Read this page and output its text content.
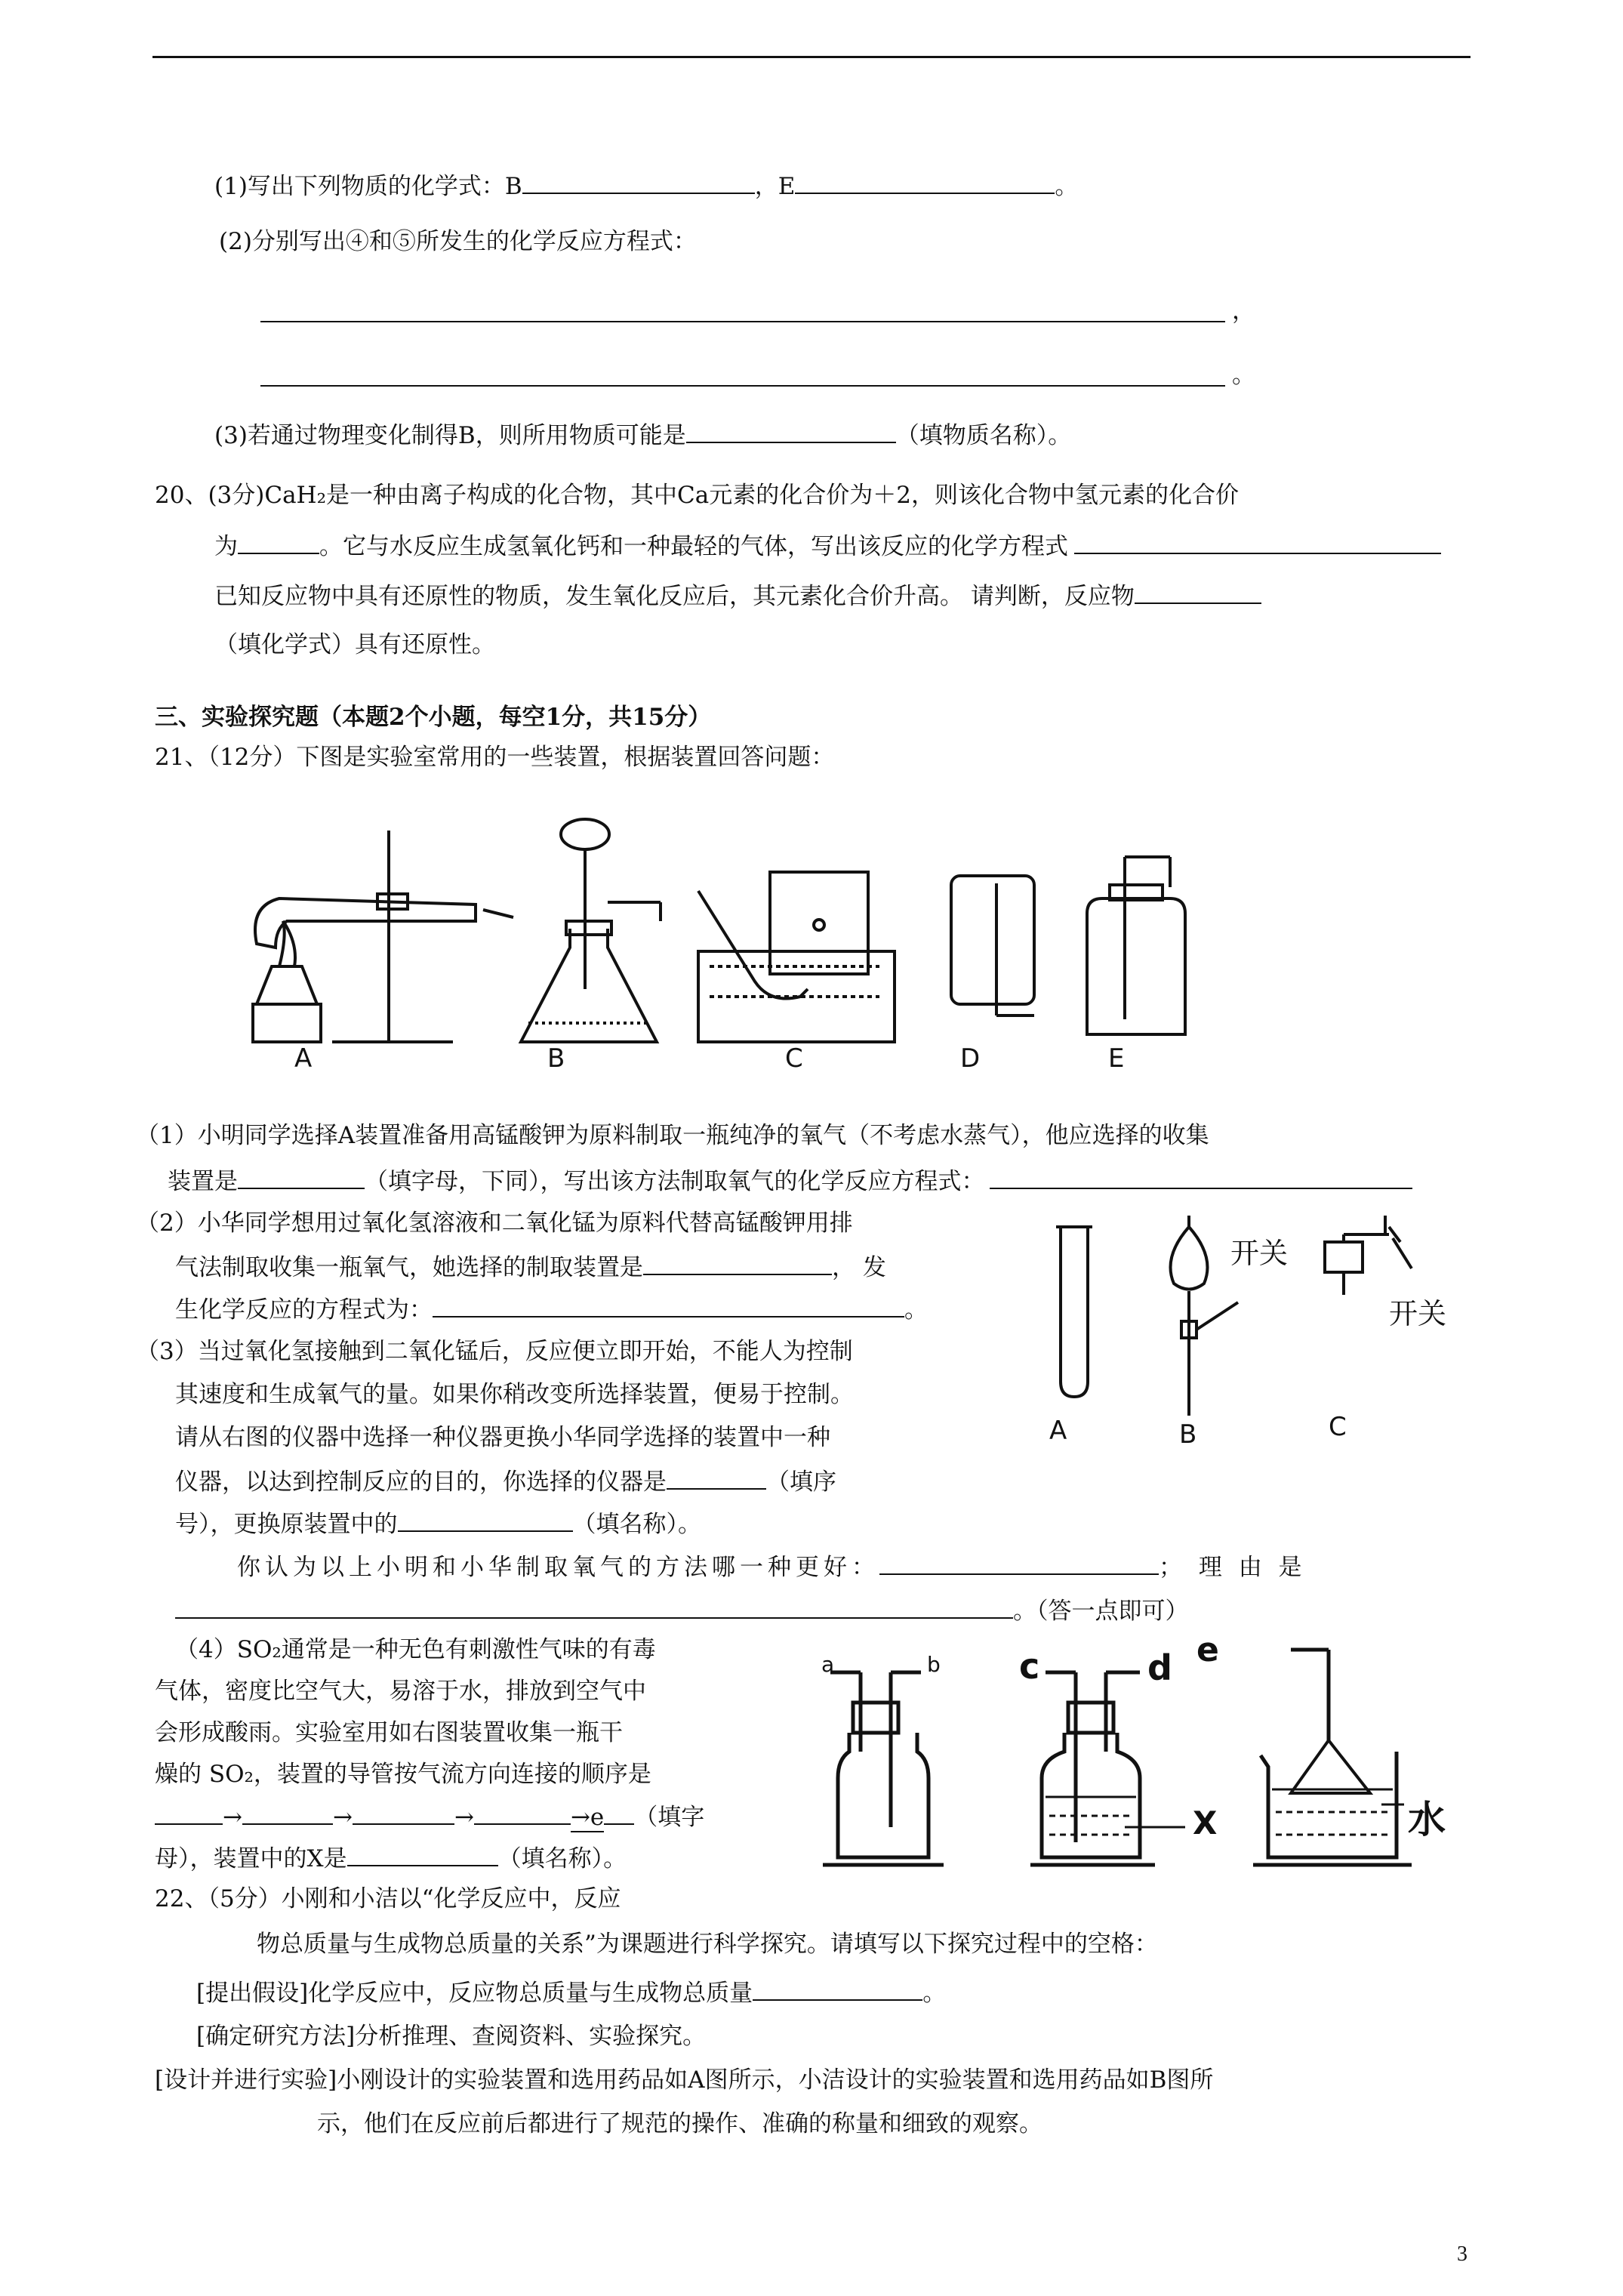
(1)写出下列物质的化学式：B	，E	。
(2)分别写出④和⑤所发生的化学反应方程式：
，
。
(3)若通过物理变化制得B，则所用物质可能是	（填物质名称）。
20、(3分)CaH₂是一种由离子构成的化合物，其中Ca元素的化合价为＋2，则该化合物中氢元素的化合价
为	。它与水反应生成氢氧化钙和一种最轻的气体，写出该反应的化学方程式
已知反应物中具有还原性的物质，发生氧化反应后，其元素化合价升高。 请判断，反应物
（填化学式）具有还原性。
三、实验探究题（本题2个小题，每空1分，共15分）
21、（12分）下图是实验室常用的一些装置，根据装置回答问题：
A	B	C	D	E
（1）小明同学选择A装置准备用高锰酸钾为原料制取一瓶纯净的氧气（不考虑水蒸气），他应选择的收集
装置是	（填字母，下同），写出该方法制取氧气的化学反应方程式：
（2）小华同学想用过氧化氢溶液和二氧化锰为原料代替高锰酸钾用排
气法制取收集一瓶氧气，她选择的制取装置是	， 发
生化学反应的方程式为：	。
（3）当过氧化氢接触到二氧化锰后，反应便立即开始，不能人为控制
其速度和生成氧气的量。如果你稍改变所选择装置，便易于控制。
请从右图的仪器中选择一种仪器更换小华同学选择的装置中一种
仪器，以达到控制反应的目的，你选择的仪器是	（填序
号），更换原装置中的	（填名称）。
你认为以上小明和小华制取氧气的方法哪一种更好：	； 理 由 是
。（答一点即可）
开关
开关
A	B	C
（4）SO₂通常是一种无色有刺激性气味的有毒
气体，密度比空气大，易溶于水，排放到空气中
会形成酸雨。实验室用如右图装置收集一瓶干
燥的 SO₂，装置的导管按气流方向连接的顺序是
→	→	→	→e （填字
母），装置中的X是	（填名称）。
a	b c	d e
X	水
22、（5分）小刚和小洁以“化学反应中，反应
物总质量与生成物总质量的关系”为课题进行科学探究。请填写以下探究过程中的空格：
[提出假设]化学反应中，反应物总质量与生成物总质量	。
[确定研究方法]分析推理、查阅资料、实验探究。
[设计并进行实验]小刚设计的实验装置和选用药品如A图所示，小洁设计的实验装置和选用药品如B图所
示，他们在反应前后都进行了规范的操作、准确的称量和细致的观察。
3
